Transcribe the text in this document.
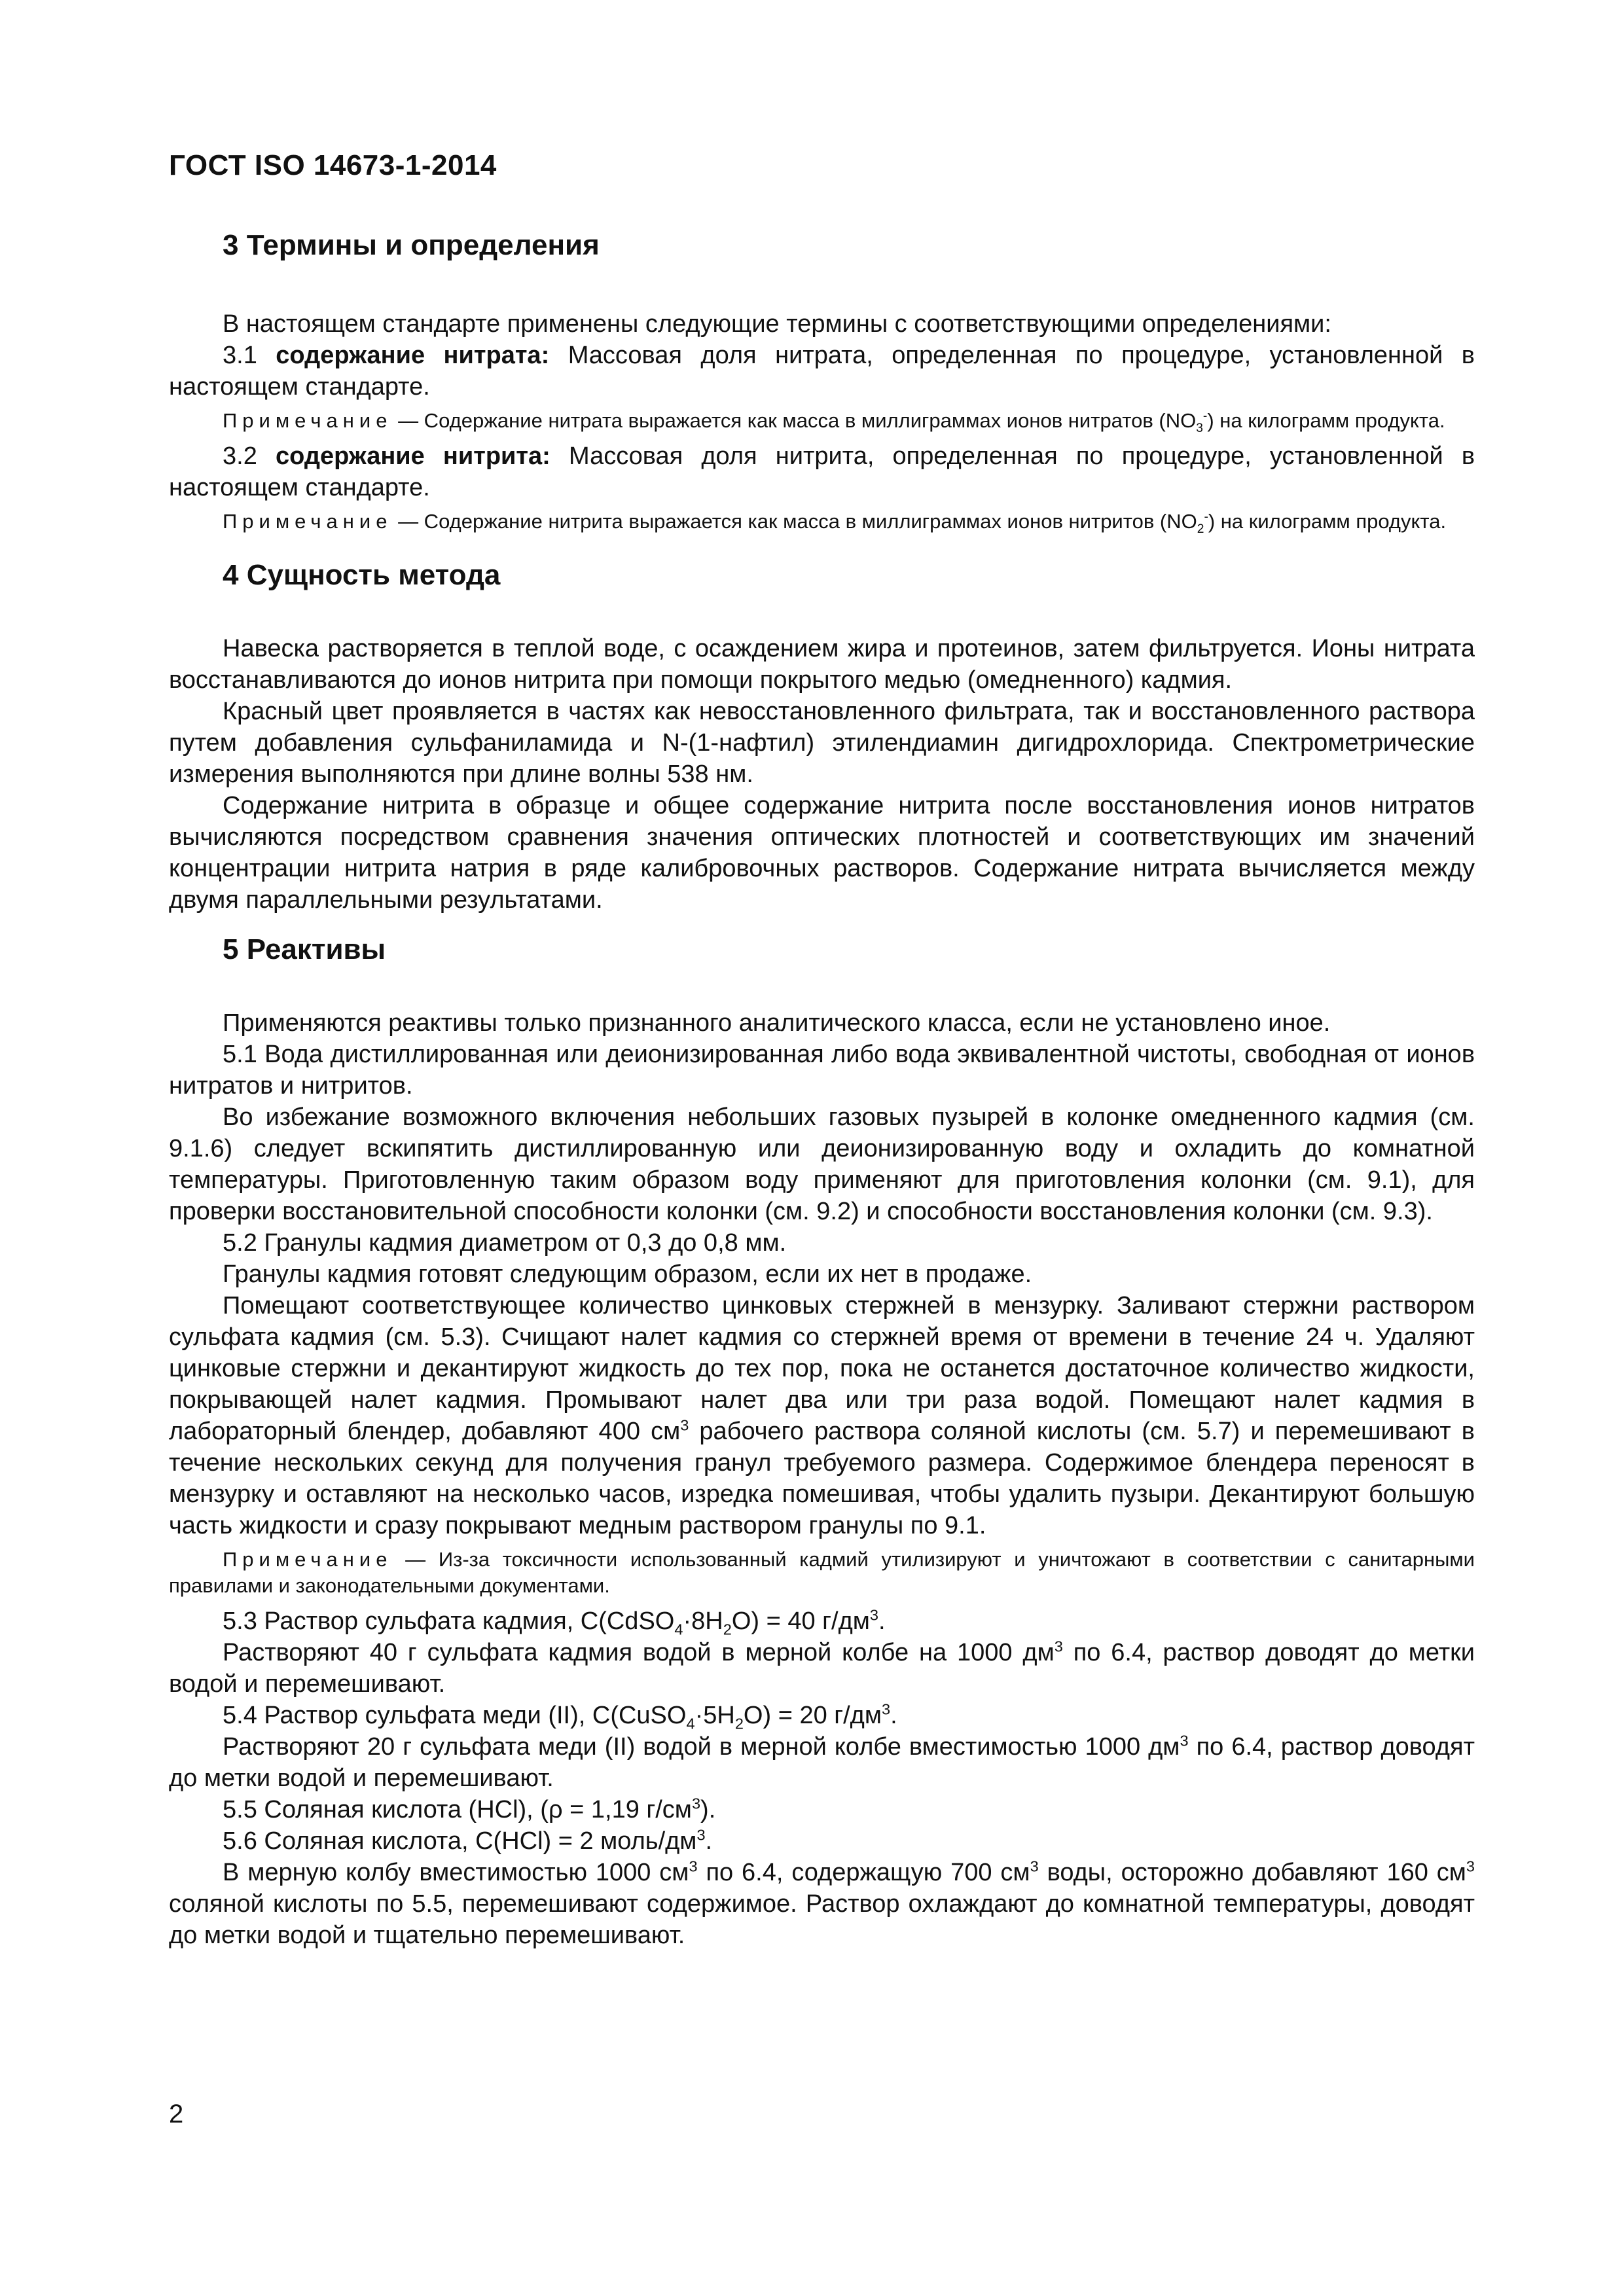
ГОСТ ISO 14673-1-2014
3 Термины и определения

В настоящем стандарте применены следующие термины с соответствующими определениями:

3.1 содержание нитрата: Массовая доля нитрата, определенная по процедуре, установленной в настоящем стандарте.

Примечание — Содержание нитрата выражается как масса в миллиграммах ионов нитратов $(NO_3^-)$ на килограмм продукта.

3.2 содержание нитрита: Массовая доля нитрита, определенная по процедуре, установленной в настоящем стандарте.

Примечание — Содержание нитрита выражается как масса в миллиграммах ионов нитритов $(NO_2^-)$ на килограмм продукта.

4 Сущность метода

Навеска растворяется в теплой воде, с осаждением жира и протеинов, затем фильтруется. Ионы нитрата восстанавливаются до ионов нитрита при помощи покрытого медью (омедненного) кадмия.

Красный цвет проявляется в частях как невосстановленного фильтрата, так и восстановленного раствора путем добавления сульфаниламида и N-(1-нафтил) этилендиамин дигидрохлорида. Спектрометрические измерения выполняются при длине волны 538 нм.

Содержание нитрита в образце и общее содержание нитрита после восстановления ионов нитратов вычисляются посредством сравнения значения оптических плотностей и соответствующих им значений концентрации нитрита натрия в ряде калибровочных растворов. Содержание нитрата вычисляется между двумя параллельными результатами.

5 Реактивы

Применяются реактивы только признанного аналитического класса, если не установлено иное.

5.1 Вода дистиллированная или деионизированная либо вода эквивалентной чистоты, свободная от ионов нитратов и нитритов.

Во избежание возможного включения небольших газовых пузырей в колонке омедненного кадмия (см. 9.1.6) следует вскипятить дистиллированную или деионизированную воду и охладить до комнатной температуры. Приготовленную таким образом воду применяют для приготовления колонки (см. 9.1), для проверки восстановительной способности колонки (см. 9.2) и способности восстановления колонки (см. 9.3).

5.2 Гранулы кадмия диаметром от 0,3 до 0,8 мм.

Гранулы кадмия готовят следующим образом, если их нет в продаже.

Помещают соответствующее количество цинковых стержней в мензурку. Заливают стержни раствором сульфата кадмия (см. 5.3). Счищают налет кадмия со стержней время от времени в течение 24 ч. Удаляют цинковые стержни и декантируют жидкость до тех пор, пока не останется достаточное количество жидкости, покрывающей налет кадмия. Промывают налет два или три раза водой. Помещают налет кадмия в лабораторный блендер, добавляют 400 $см^3$ рабочего раствора соляной кислоты (см. 5.7) и перемешивают в течение нескольких секунд для получения гранул требуемого размера. Содержимое блендера переносят в мензурку и оставляют на несколько часов, изредка помешивая, чтобы удалить пузыри. Декантируют большую часть жидкости и сразу покрывают медным раствором гранулы по 9.1.

Примечание — Из-за токсичности использованный кадмий утилизируют и уничтожают в соответствии с санитарными правилами и законодательными документами.

5.3 Раствор сульфата кадмия, $С(CdSO_4\cdot 8H_2O) = 40$ $г/дм^3$.

Растворяют 40 г сульфата кадмия водой в мерной колбе на 1000 $дм^3$ по 6.4, раствор доводят до метки водой и перемешивают.

5.4 Раствор сульфата меди (II), $С(CuSO_4\cdot 5H_2O) = 20$ $г/дм^3$.

Растворяют 20 г сульфата меди (II) водой в мерной колбе вместимостью 1000 $дм^3$ по 6.4, раствор доводят до метки водой и перемешивают.

5.5 Соляная кислота (HCl), (ρ = 1,19 $г/см^3$).

5.6 Соляная кислота, С(HCl) = 2 моль/$дм^3$.

В мерную колбу вместимостью 1000 $см^3$ по 6.4, содержащую 700 $см^3$ воды, осторожно добавляют 160 $см^3$ соляной кислоты по 5.5, перемешивают содержимое. Раствор охлаждают до комнатной температуры, доводят до метки водой и тщательно перемешивают.

2
